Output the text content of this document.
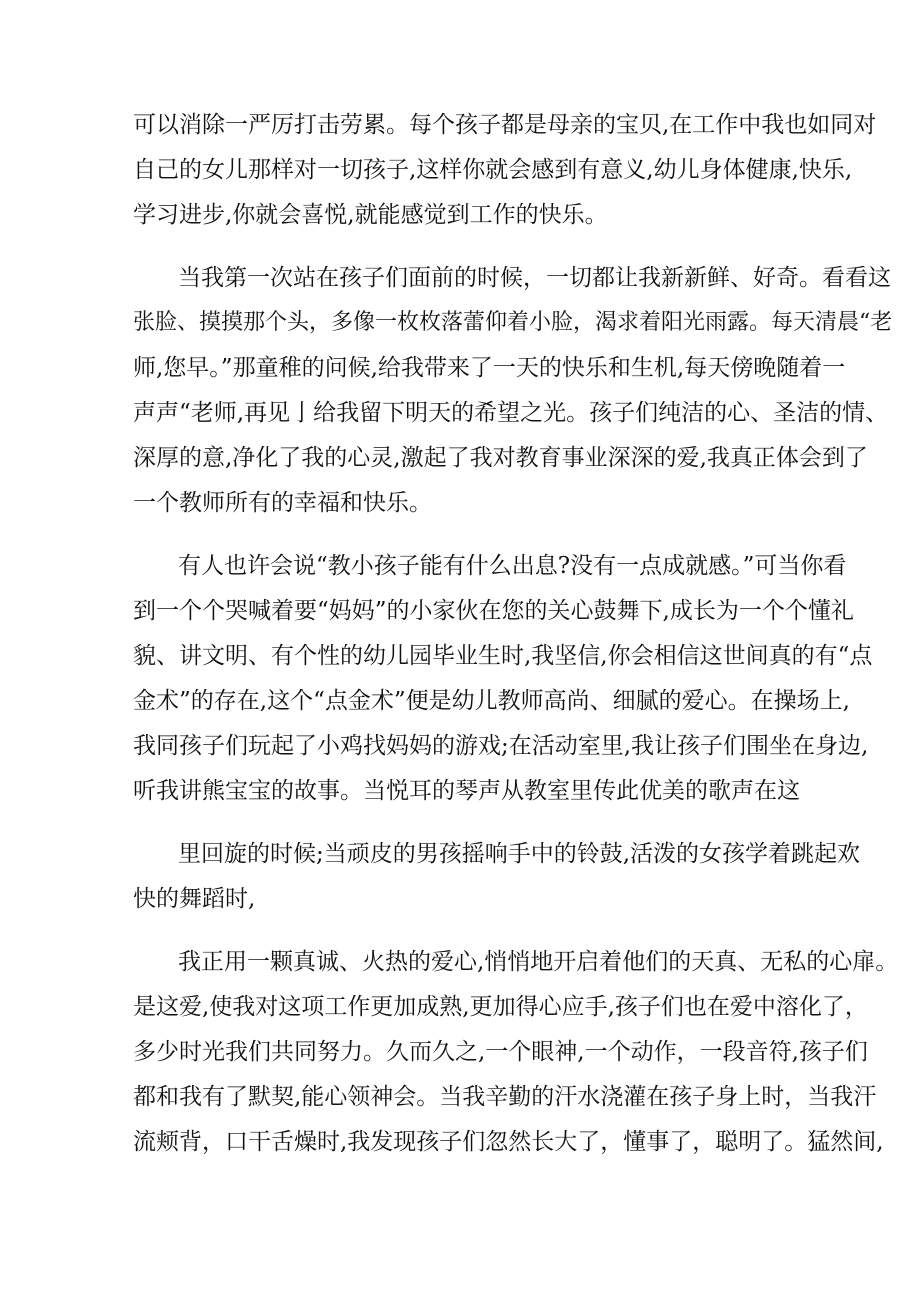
可以消除一严厉打击劳累。每个孩子都是母亲的宝贝,在工作中我也如同对
自己的女儿那样对一切孩子,这样你就会感到有意义,幼儿身体健康,快乐,
学习进步,你就会喜悦,就能感觉到工作的快乐。
当我第一次站在孩子们面前的时候，一切都让我新新鲜、好奇。看看这
张脸、摸摸那个头，多像一枚枚落蕾仰着小脸，渴求着阳光雨露。每天清晨“老
师,您早。”那童稚的问候,给我带来了一天的快乐和生机,每天傍晚随着一
声声“老师,再见亅给我留下明天的希望之光。孩子们纯洁的心、圣洁的情、
深厚的意,净化了我的心灵,激起了我对教育事业深深的爱,我真正体会到了
一个教师所有的幸福和快乐。
有人也许会说“教小孩子能有什么出息?没有一点成就感。”可当你看
到一个个哭喊着要“妈妈”的小家伙在您的关心鼓舞下,成长为一个个懂礼
貌、讲文明、有个性的幼儿园毕业生时,我坚信,你会相信这世间真的有“点
金术”的存在,这个“点金术”便是幼儿教师高尚、细腻的爱心。在操场上,
我同孩子们玩起了小鸡找妈妈的游戏;在活动室里,我让孩子们围坐在身边,
听我讲熊宝宝的故事。当悦耳的琴声从教室里传此优美的歌声在这
里回旋的时候;当顽皮的男孩摇响手中的铃鼓,活泼的女孩学着跳起欢
快的舞蹈时,
我正用一颗真诚、火热的爱心,悄悄地开启着他们的天真、无私的心扉。
是这爱,使我对这项工作更加成熟,更加得心应手,孩子们也在爱中溶化了，
多少时光我们共同努力。久而久之,一个眼神,一个动作，一段音符,孩子们
都和我有了默契,能心领神会。当我辛勤的汗水浇灌在孩子身上时，当我汗
流颊背，口干舌燥时,我发现孩子们忽然长大了，懂事了，聪明了。猛然间,
